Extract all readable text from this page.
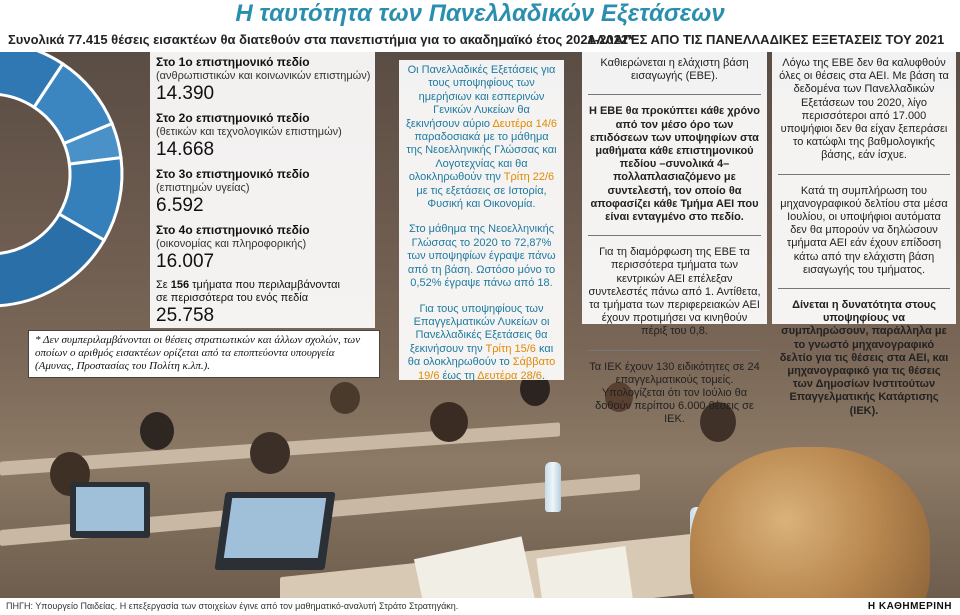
Η ταυτότητα των Πανελλαδικών Εξετάσεων
Συνολικά 77.415 θέσεις εισακτέων θα διατεθούν στα πανεπιστήμια για το ακαδημαϊκό έτος 2021-2022*
ΑΛΛΑΓΕΣ ΑΠΟ ΤΙΣ ΠΑΝΕΛΛΑΔΙΚΕΣ ΕΞΕΤΑΣΕΙΣ ΤΟΥ 2021
Στο 1ο επιστημονικό πεδίο
(ανθρωπιστικών και κοινωνικών επιστημών)
14.390
Στο 2ο επιστημονικό πεδίο
(θετικών και τεχνολογικών επιστημών)
14.668
Στο 3ο επιστημονικό πεδίο
(επιστημών υγείας)
6.592
Στο 4ο επιστημονικό πεδίο
(οικονομίας και πληροφορικής)
16.007
Σε 156 τμήματα που περιλαμβάνονται
σε περισσότερα του ενός πεδία
25.758
* Δεν συμπεριλαμβάνονται οι θέσεις στρατιωτικών και άλλων σχολών, των οποίων ο αριθμός εισακτέων ορίζεται από τα εποπτεύοντα υπουργεία (Αμυνας, Προστασίας του Πολίτη κ.λπ.).

Οι Πανελλαδικές Εξετάσεις για τους υποψηφίους των ημερήσιων και εσπερινών Γενικών Λυκείων θα ξεκινήσουν αύριο Δευτέρα 14/6 παραδοσιακά με το μάθημα της Νεοελληνικής Γλώσσας και Λογοτεχνίας και θα ολοκληρωθούν την Τρίτη 22/6 με τις εξετάσεις σε Ιστορία, Φυσική και Οικονομία.

Στο μάθημα της Νεοελληνικής Γλώσσας το 2020 το 72,87% των υποψηφίων έγραψε πάνω από τη βάση. Ωστόσο μόνο το 0,52% έγραψε πάνω από 18.

Για τους υποψηφίους των Επαγγελματικών Λυκείων οι Πανελλαδικές Εξετάσεις θα ξεκινήσουν την Τρίτη 15/6 και θα ολοκληρωθούν το Σάββατο 19/6 έως τη Δευτέρα 28/6.

Καθιερώνεται η ελάχιστη βάση εισαγωγής (ΕΒΕ).

Η ΕΒΕ θα προκύπτει κάθε χρόνο από τον μέσο όρο των επιδόσεων των υποψηφίων στα μαθήματα κάθε επιστημονικού πεδίου –συνολικά 4– πολλαπλασιαζόμενο με συντελεστή, τον οποίο θα αποφασίζει κάθε Τμήμα ΑΕΙ που είναι ενταγμένο στο πεδίο.

Για τη διαμόρφωση της ΕΒΕ τα περισσότερα τμήματα των κεντρικών ΑΕΙ επέλεξαν συντελεστές πάνω από 1. Αντίθετα, τα τμήματα των περιφερειακών ΑΕΙ έχουν προτιμήσει να κινηθούν πέριξ του 0,8.

Τα ΙΕΚ έχουν 130 ειδικότητες σε 24 επαγγελματικούς τομείς. Υπολογίζεται ότι τον Ιούλιο θα δοθούν περίπου 6.000 θέσεις σε ΙΕΚ.

Λόγω της ΕΒΕ δεν θα καλυφθούν όλες οι θέσεις στα ΑΕΙ. Με βάση τα δεδομένα των Πανελλαδικών Εξετάσεων του 2020, λίγο περισσότεροι από 17.000 υποψήφιοι δεν θα είχαν ξεπεράσει το κατώφλι της βαθμολογικής βάσης, εάν ίσχυε.

Κατά τη συμπλήρωση του μηχανογραφικού δελτίου στα μέσα Ιουλίου, οι υποψήφιοι αυτόματα δεν θα μπορούν να δηλώσουν τμήματα ΑΕΙ εάν έχουν επίδοση κάτω από την ελάχιστη βάση εισαγωγής του τμήματος.

Δίνεται η δυνατότητα στους υποψηφίους να συμπληρώσουν, παράλληλα με το γνωστό μηχανογραφικό δελτίο για τις θέσεις στα ΑΕΙ, και μηχανογραφικό για τις θέσεις των Δημοσίων Ινστιτούτων Επαγγελματικής Κατάρτισης (ΙΕΚ).

ΠΗΓΗ: Υπουργείο Παιδείας. Η επεξεργασία των στοιχείων έγινε από τον μαθηματικό-αναλυτή Στράτο Στρατηγάκη.	Η ΚΑΘΗΜΕΡΙΝΗ
